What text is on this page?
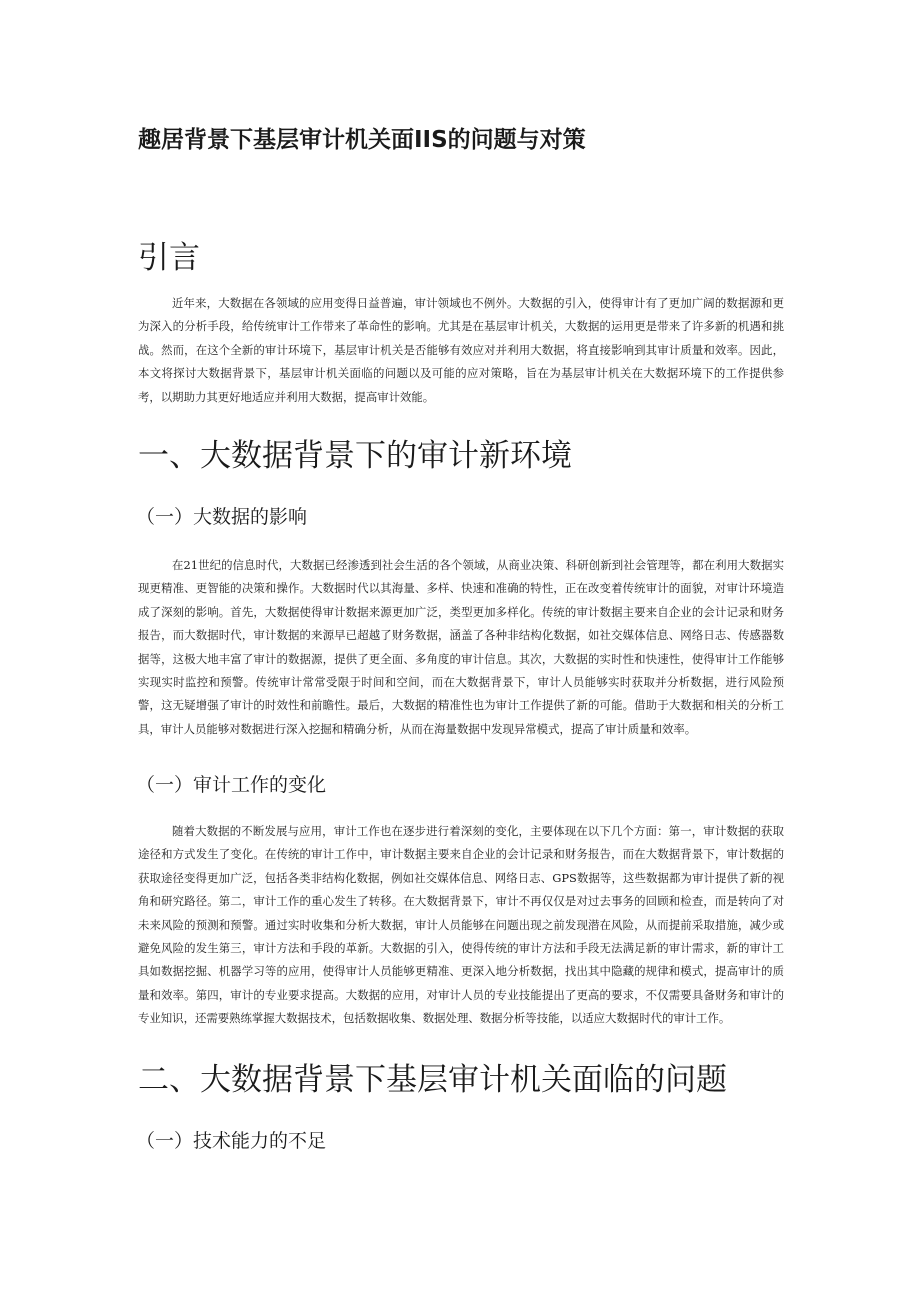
趣居背景下基层审计机关面IIS的问题与对策
引言

近年来，大数据在各领域的应用变得日益普遍，审计领域也不例外。大数据的引入，使得审计有了更加广阔的数据源和更为深入的分析手段，给传统审计工作带来了革命性的影响。尤其是在基层审计机关，大数据的运用更是带来了许多新的机遇和挑战。然而，在这个全新的审计环境下，基层审计机关是否能够有效应对并利用大数据，将直接影响到其审计质量和效率。因此，本文将探讨大数据背景下，基层审计机关面临的问题以及可能的应对策略，旨在为基层审计机关在大数据环境下的工作提供参考，以期助力其更好地适应并利用大数据，提高审计效能。

一、大数据背景下的审计新环境
（一）大数据的影响

在21世纪的信息时代，大数据已经渗透到社会生活的各个领域，从商业决策、科研创新到社会管理等，都在利用大数据实现更精准、更智能的决策和操作。大数据时代以其海量、多样、快速和准确的特性，正在改变着传统审计的面貌，对审计环境造成了深刻的影响。首先，大数据使得审计数据来源更加广泛，类型更加多样化。传统的审计数据主要来自企业的会计记录和财务报告，而大数据时代，审计数据的来源早已超越了财务数据，涵盖了各种非结构化数据，如社交媒体信息、网络日志、传感器数据等，这极大地丰富了审计的数据源，提供了更全面、多角度的审计信息。其次，大数据的实时性和快速性，使得审计工作能够实现实时监控和预警。传统审计常常受限于时间和空间，而在大数据背景下，审计人员能够实时获取并分析数据，进行风险预警，这无疑增强了审计的时效性和前瞻性。最后，大数据的精准性也为审计工作提供了新的可能。借助于大数据和相关的分析工具，审计人员能够对数据进行深入挖掘和精确分析，从而在海量数据中发现异常模式，提高了审计质量和效率。

（一）审计工作的变化

随着大数据的不断发展与应用，审计工作也在逐步进行着深刻的变化，主要体现在以下几个方面：第一，审计数据的获取途径和方式发生了变化。在传统的审计工作中，审计数据主要来自企业的会计记录和财务报告，而在大数据背景下，审计数据的获取途径变得更加广泛，包括各类非结构化数据，例如社交媒体信息、网络日志、GPS数据等，这些数据都为审计提供了新的视角和研究路径。第二，审计工作的重心发生了转移。在大数据背景下，审计不再仅仅是对过去事务的回顾和检查，而是转向了对未来风险的预测和预警。通过实时收集和分析大数据，审计人员能够在问题出现之前发现潜在风险，从而提前采取措施，减少或避免风险的发生第三，审计方法和手段的革新。大数据的引入，使得传统的审计方法和手段无法满足新的审计需求，新的审计工具如数据挖掘、机器学习等的应用，使得审计人员能够更精准、更深入地分析数据，找出其中隐藏的规律和模式，提高审计的质量和效率。第四，审计的专业要求提高。大数据的应用，对审计人员的专业技能提出了更高的要求，不仅需要具备财务和审计的专业知识，还需要熟练掌握大数据技术，包括数据收集、数据处理、数据分析等技能，以适应大数据时代的审计工作。

二、大数据背景下基层审计机关面临的问题
（一）技术能力的不足
